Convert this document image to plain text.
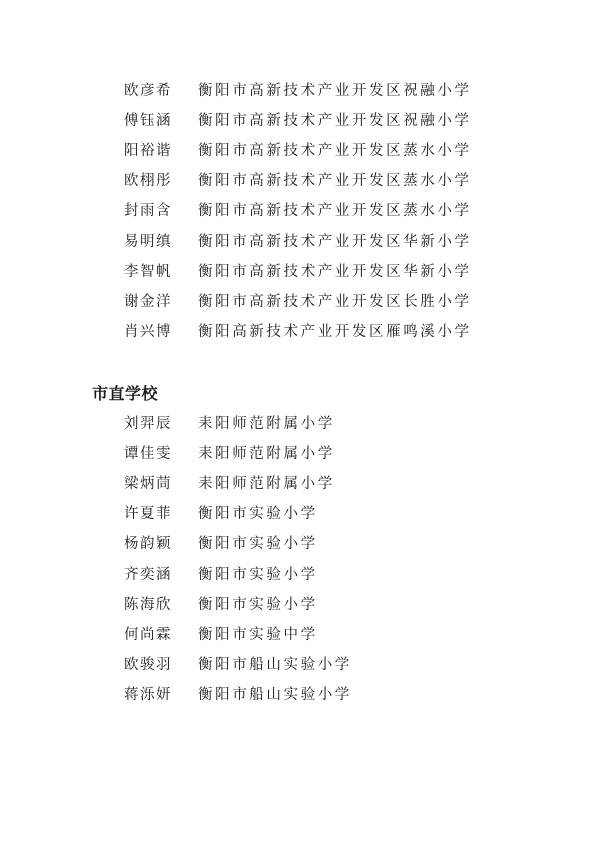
欧彦希 衡阳市高新技术产业开发区祝融小学
傅钰涵 衡阳市高新技术产业开发区祝融小学
阳裕谐 衡阳市高新技术产业开发区蒸水小学
欧栩彤 衡阳市高新技术产业开发区蒸水小学
封雨含 衡阳市高新技术产业开发区蒸水小学
易明缜 衡阳市高新技术产业开发区华新小学
李智帆 衡阳市高新技术产业开发区华新小学
谢金洋 衡阳市高新技术产业开发区长胜小学
肖兴博 衡阳高新技术产业开发区雁鸣溪小学
市直学校
刘羿辰 耒阳师范附属小学
谭佳雯 耒阳师范附属小学
梁炳茼 耒阳师范附属小学
许夏菲 衡阳市实验小学
杨韵颖 衡阳市实验小学
齐奕涵 衡阳市实验小学
陈海欣 衡阳市实验小学
何尚霖 衡阳市实验中学
欧骏羽 衡阳市船山实验小学
蒋泺妍 衡阳市船山实验小学
